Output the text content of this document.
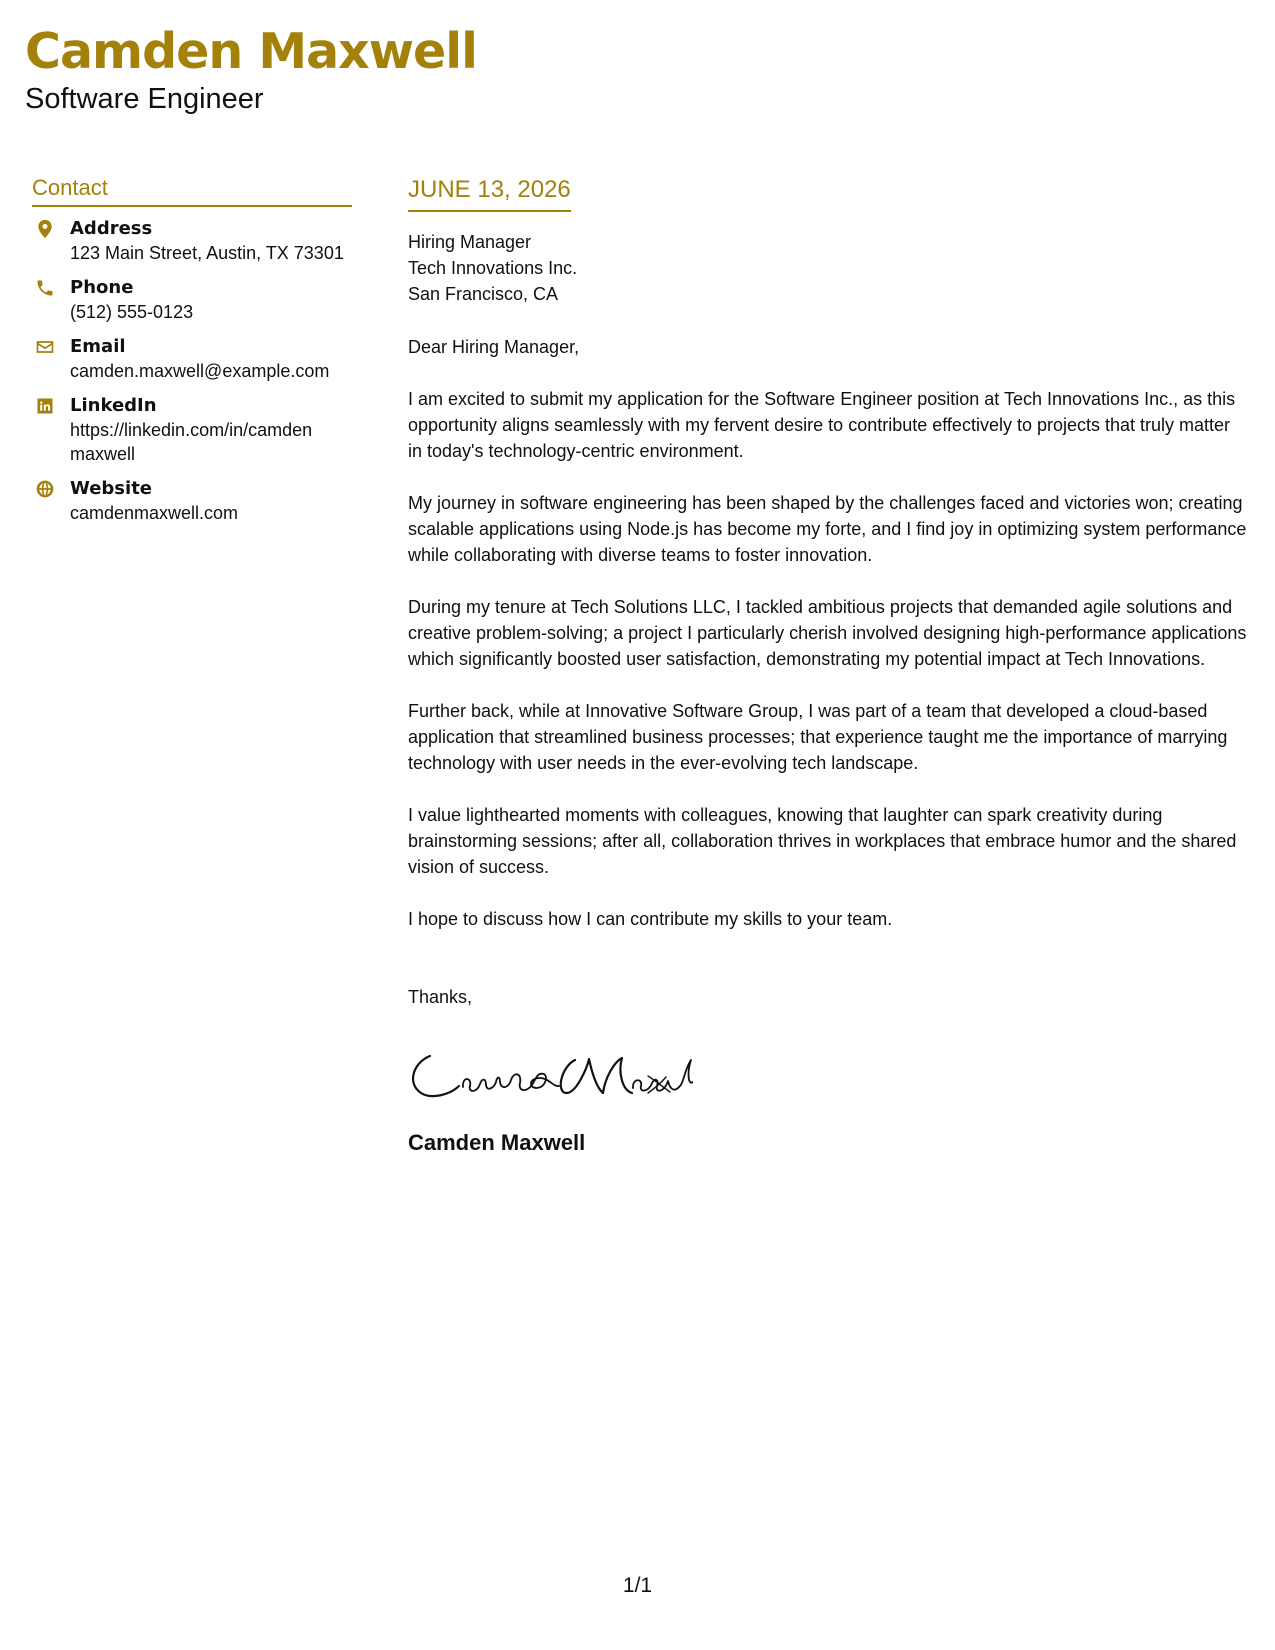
Camden Maxwell
Software Engineer
Contact
Address
123 Main Street, Austin, TX 73301
Phone
(512) 555-0123
Email
camden.maxwell@example.com
LinkedIn
https://linkedin.com/in/camden maxwell
Website
camdenmaxwell.com
JUNE 13, 2026
Hiring Manager
Tech Innovations Inc.
San Francisco, CA
Dear Hiring Manager,

I am excited to submit my application for the Software Engineer position at Tech Innovations Inc., as this opportunity aligns seamlessly with my fervent desire to contribute effectively to projects that truly matter in today's technology-centric environment.

My journey in software engineering has been shaped by the challenges faced and victories won; creating scalable applications using Node.js has become my forte, and I find joy in optimizing system performance while collaborating with diverse teams to foster innovation.

During my tenure at Tech Solutions LLC, I tackled ambitious projects that demanded agile solutions and creative problem-solving; a project I particularly cherish involved designing high-performance applications which significantly boosted user satisfaction, demonstrating my potential impact at Tech Innovations.

Further back, while at Innovative Software Group, I was part of a team that developed a cloud-based application that streamlined business processes; that experience taught me the importance of marrying technology with user needs in the ever-evolving tech landscape.

I value lighthearted moments with colleagues, knowing that laughter can spark creativity during brainstorming sessions; after all, collaboration thrives in workplaces that embrace humor and the shared vision of success.

I hope to discuss how I can contribute my skills to your team.

Thanks,
Camden Maxwell
1/1
